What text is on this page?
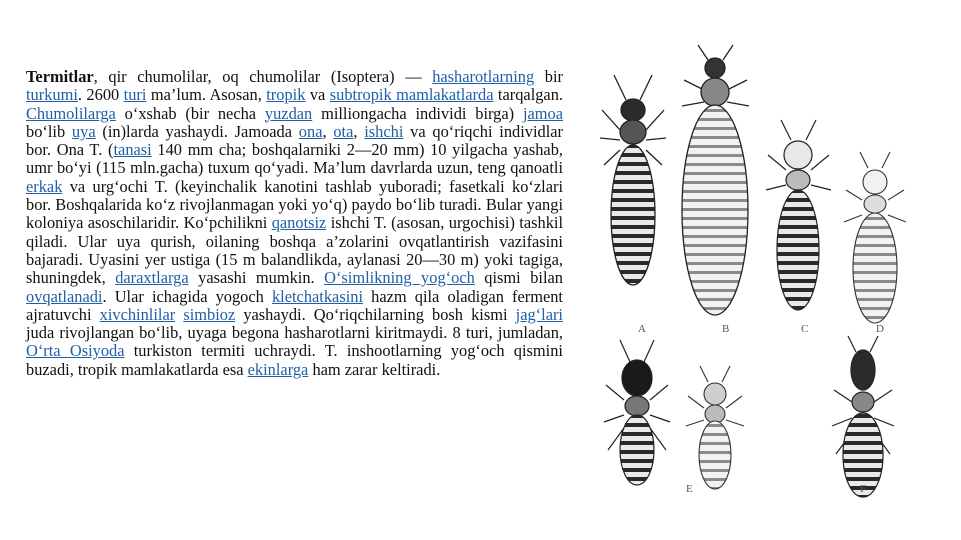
Termitlar, qir chumolilar, oq chumolilar (Isoptera) — hasharotlarning bir turkumi. 2600 turi ma’lum. Asosan, tropik va subtropik mamlakatlarda tarqalgan. Chumolilarga oʻxshab (bir necha yuzdan milliongacha individi birga) jamoa boʻlib uya (in)larda yashaydi. Jamoada ona, ota, ishchi va qoʻriqchi individlar bor. Ona T. (tanasi 140 mm cha; boshqalarniki 2—20 mm) 10 yilgacha yashab, umr boʻyi (115 mln.gacha) tuxum qoʻyadi. Ma’lum davrlarda uzun, teng qanoatli erkak va urgʻochi T. (keyinchalik kanotini tashlab yuboradi; fasetkali koʻzlari bor. Boshqalarida koʻz rivojlanmagan yoki yoʻq) paydo boʻlib turadi. Bular yangi koloniya asoschilaridir. Koʻpchilikni qanotsiz ishchi T. (asosan, urgochisi) tashkil qiladi. Ular uya qurish, oilaning boshqa a’zolarini ovqatlantirish vazifasini bajaradi. Uyasini yer ustiga (15 m balandlikda, aylanasi 20—30 m) yoki tagiga, shuningdek, daraxtlarga yasashi mumkin. Oʻsimlikning yogʻoch qismi bilan ovqatlanadi. Ular ichagida yogoch kletchatkasini hazm qila oladigan ferment ajratuvchi xivchinlilar simbioz yashaydi. Qoʻriqchilarning bosh kismi jagʻlari juda rivojlangan boʻlib, uyaga begona hasharotlarni kiritmaydi. 8 turi, jumladan, Oʻrta Osiyoda turkiston termiti uchraydi. T. inshootlarning yogʻoch qismini buzadi, tropik mamlakatlarda esa ekinlarga ham zarar keltiradi.
A	B	C	D
E	F
